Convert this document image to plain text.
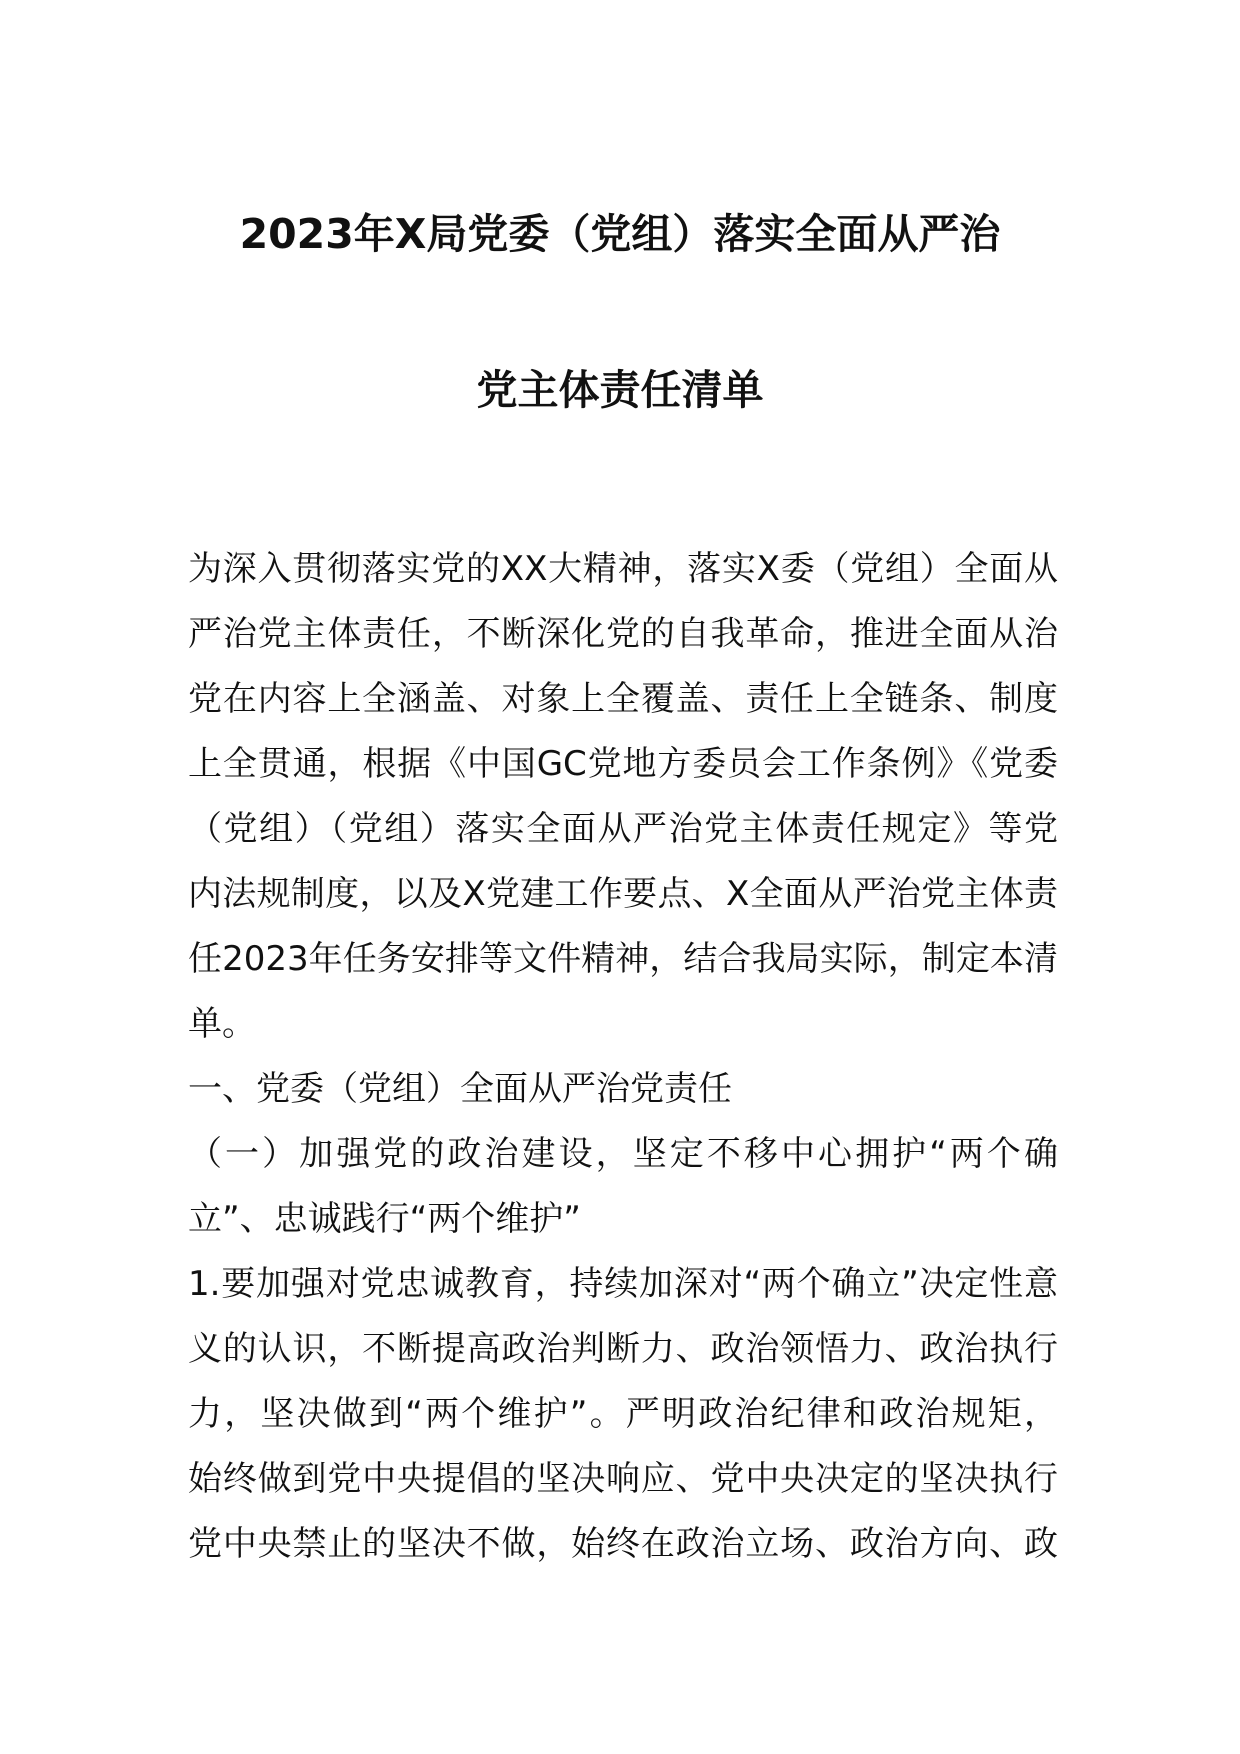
2023年X局党委（党组）落实全面从严治
党主体责任清单
为深入贯彻落实党的XX大精神，落实X委（党组）全面从
严治党主体责任，不断深化党的自我革命，推进全面从治
党在内容上全涵盖、对象上全覆盖、责任上全链条、制度
上全贯通，根据《中国GC党地方委员会工作条例》《党委
（党组）（党组）落实全面从严治党主体责任规定》等党
内法规制度，以及X党建工作要点、X全面从严治党主体责
任2023年任务安排等文件精神，结合我局实际，制定本清
单。
一、党委（党组）全面从严治党责任
（一）加强党的政治建设，坚定不移中心拥护“两个确
立”、忠诚践行“两个维护”
1.要加强对党忠诚教育，持续加深对“两个确立”决定性意
义的认识，不断提高政治判断力、政治领悟力、政治执行
力，坚决做到“两个维护”。严明政治纪律和政治规矩，
始终做到党中央提倡的坚决响应、党中央决定的坚决执行
党中央禁止的坚决不做，始终在政治立场、政治方向、政
